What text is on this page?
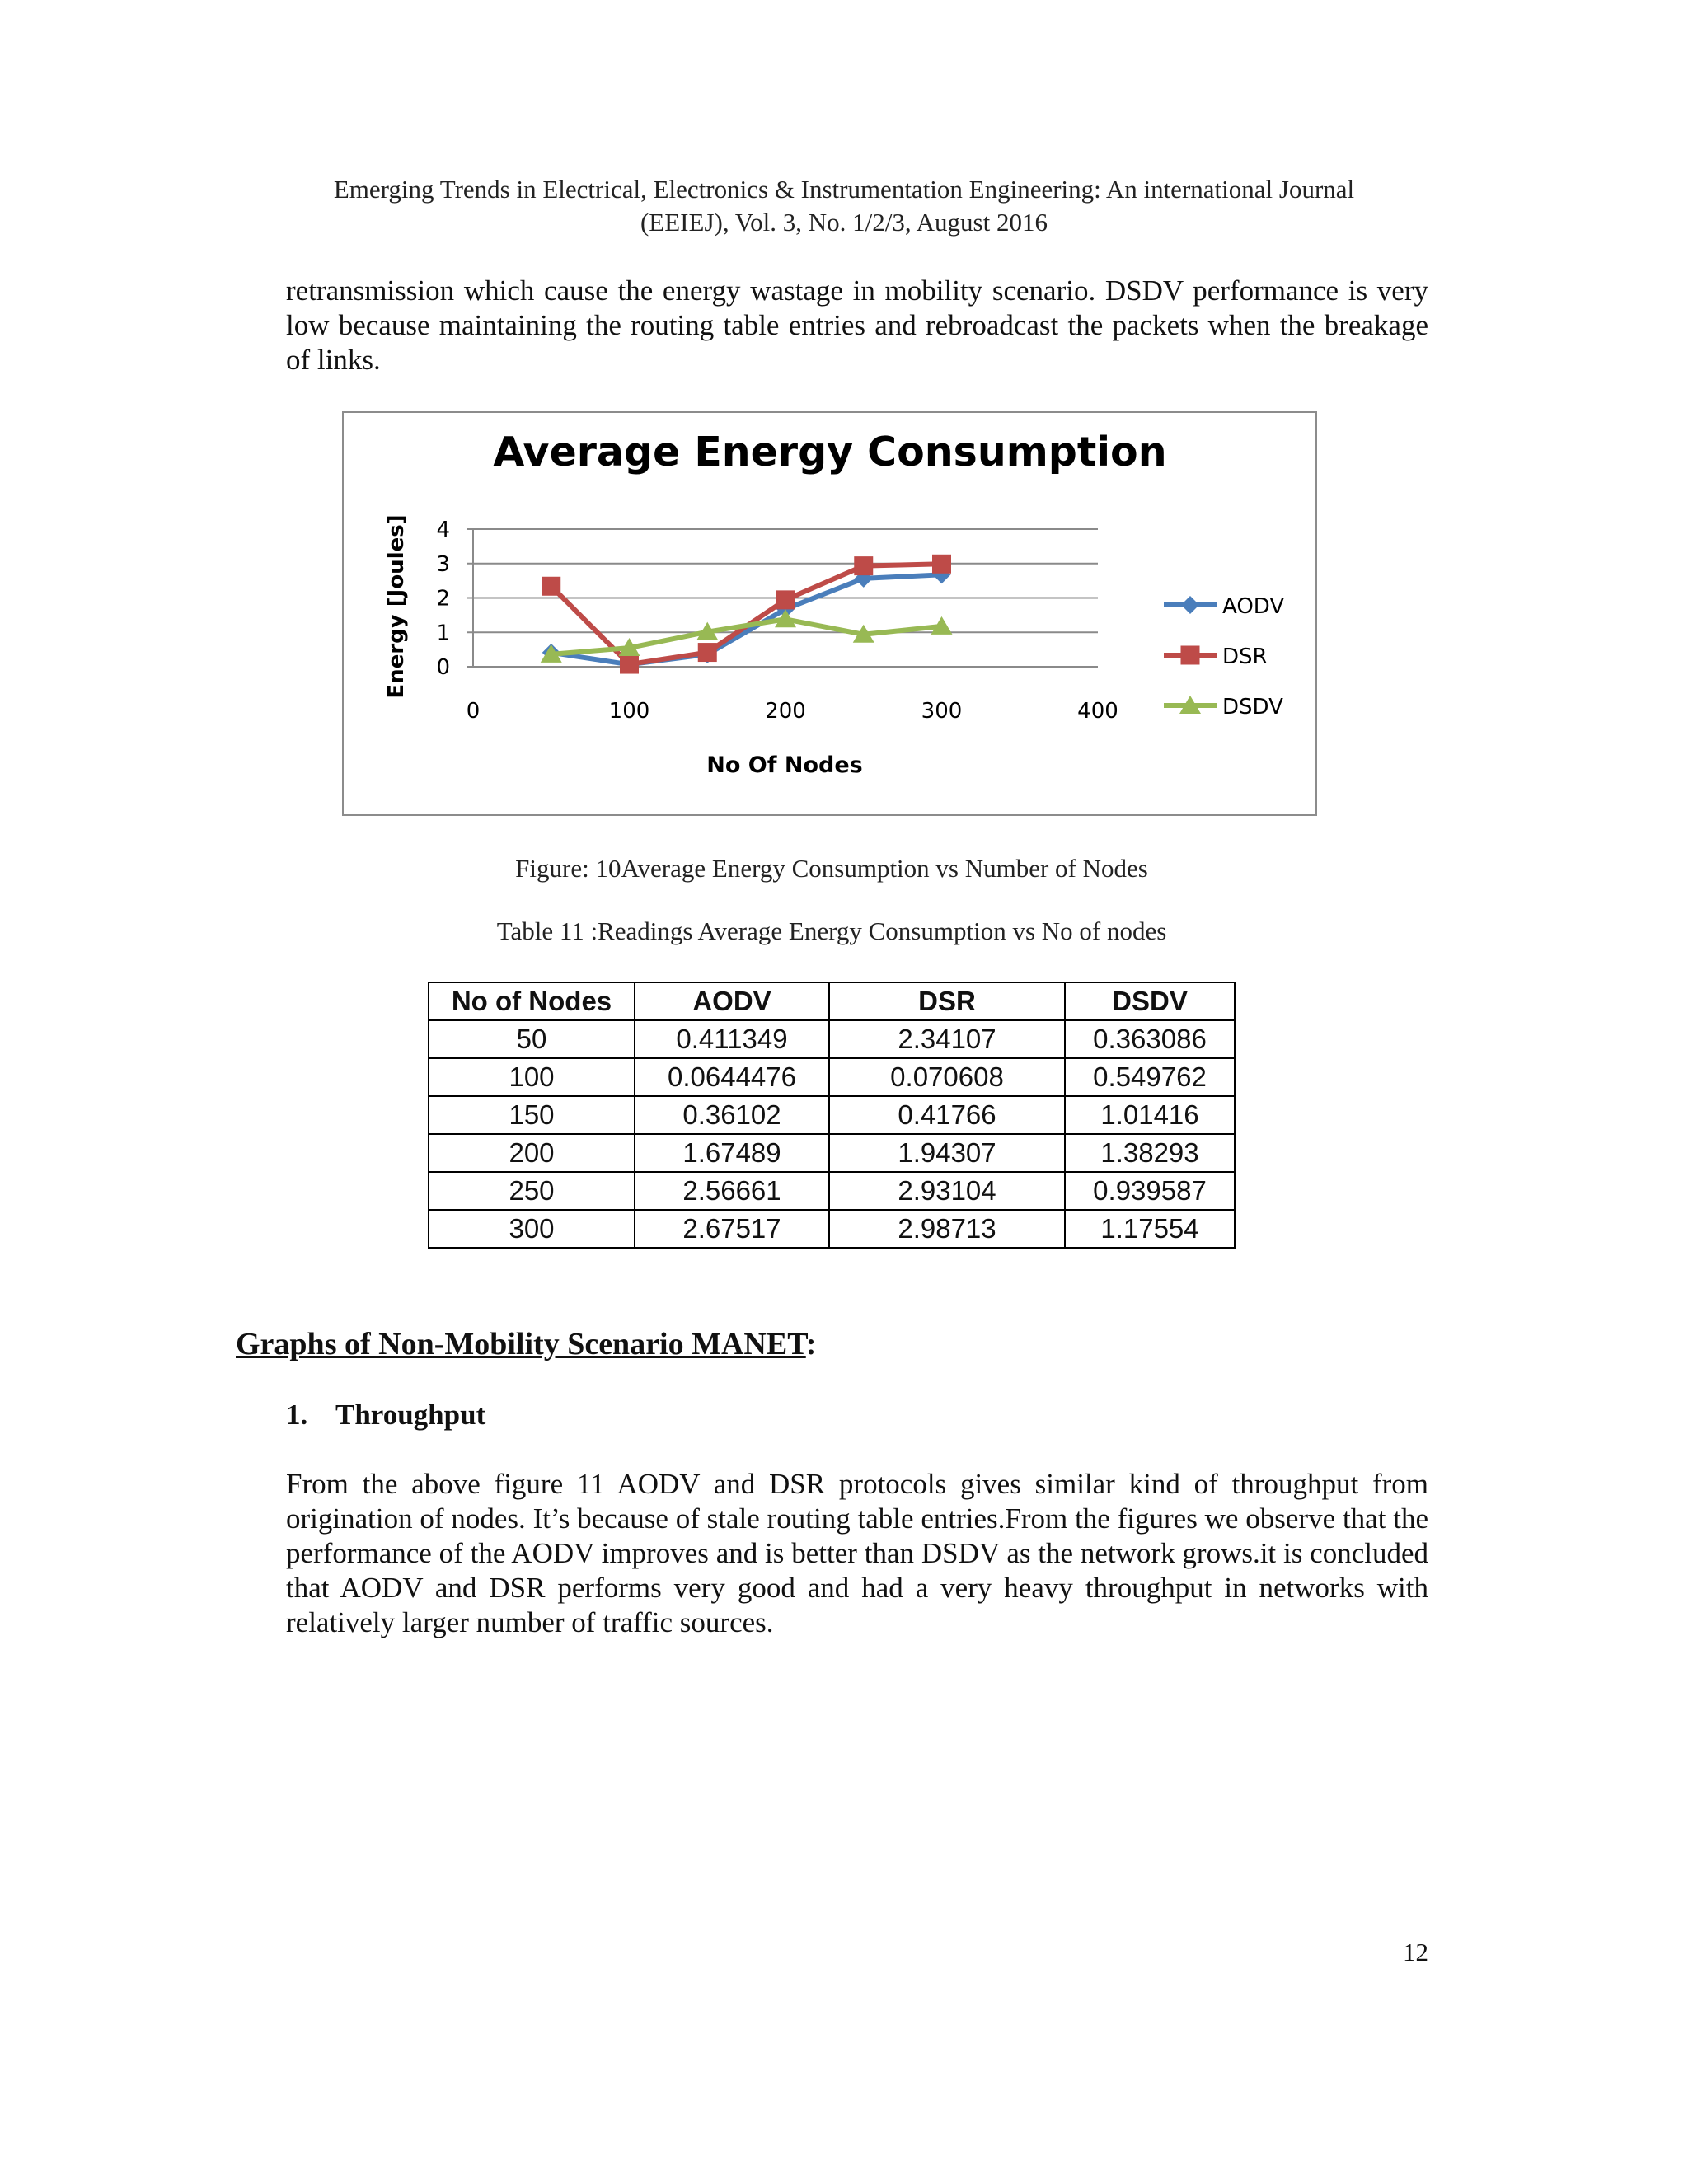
Emerging Trends in Electrical, Electronics & Instrumentation Engineering: An international Journal
(EEIEJ), Vol. 3, No. 1/2/3, August 2016

retransmission which cause the energy wastage in mobility scenario. DSDV performance is very low because maintaining the routing table entries and rebroadcast the packets when the breakage of links.

Average Energy Consumption
Energy [Joules]
No Of Nodes
0
1
2
3
4
0	100	200	300	400
AODV
DSR
DSDV
Figure: 10Average Energy Consumption vs Number of Nodes
Table 11 :Readings Average Energy Consumption vs No of nodes
No of Nodes	AODV	DSR	DSDV
50	0.411349	2.34107	0.363086
100	0.0644476	0.070608	0.549762
150	0.36102	0.41766	1.01416
200	1.67489	1.94307	1.38293
250	2.56661	2.93104	0.939587
300	2.67517	2.98713	1.17554
Graphs of Non-Mobility Scenario MANET:
1. Throughput

From the above figure 11 AODV and DSR protocols gives similar kind of throughput from origination of nodes. It’s because of stale routing table entries.From the figures we observe that the performance of the AODV improves and is better than DSDV as the network grows.it is concluded that AODV and DSR performs very good and had a very heavy throughput in networks with relatively larger number of traffic sources.

12
